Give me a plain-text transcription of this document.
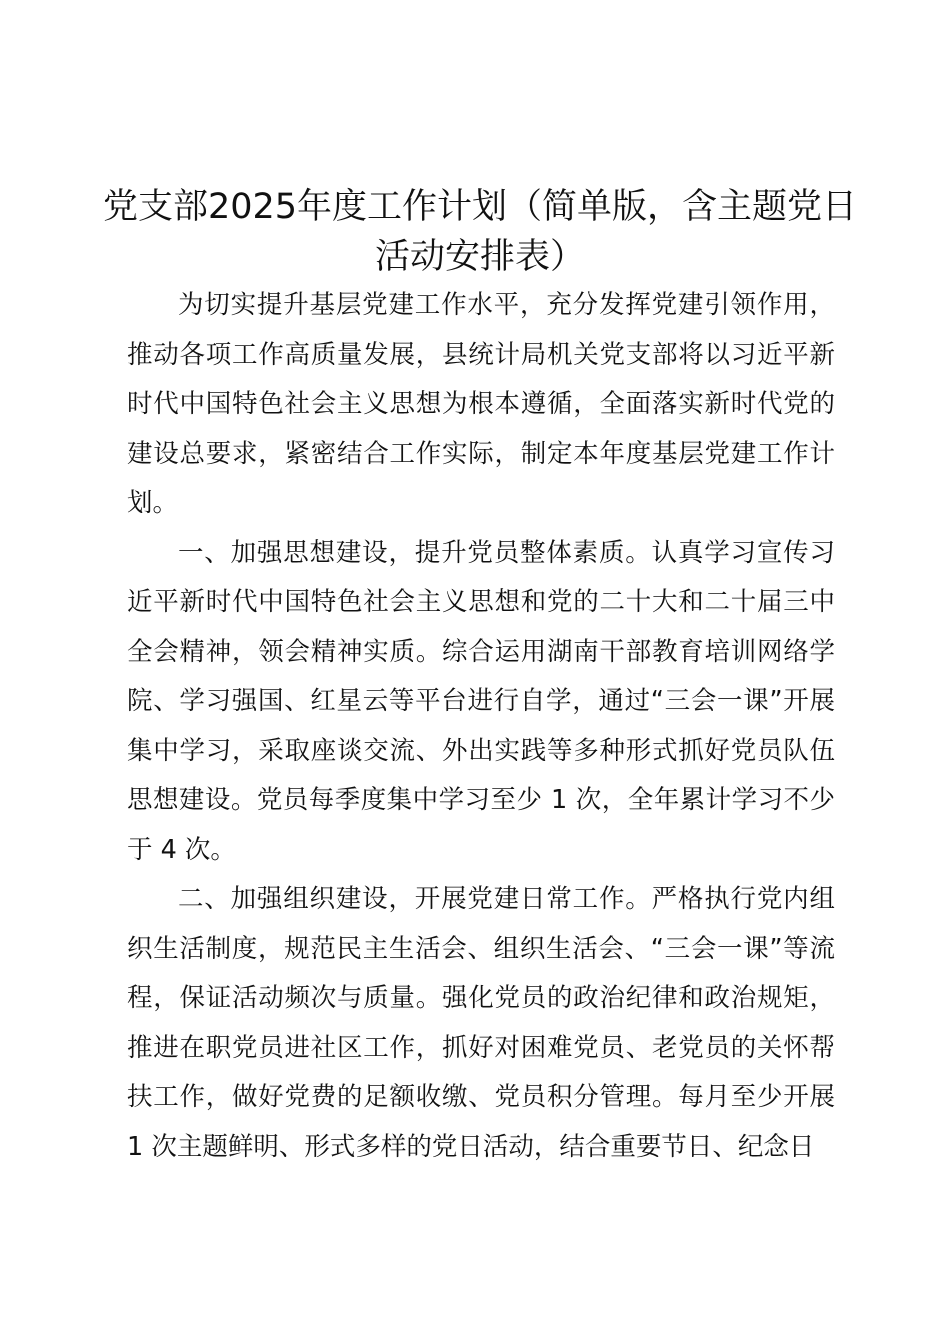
党支部2025年度工作计划（简单版，含主题党日活动安排表）

为切实提升基层党建工作水平，充分发挥党建引领作用，推动各项工作高质量发展，县统计局机关党支部将以习近平新时代中国特色社会主义思想为根本遵循，全面落实新时代党的建设总要求，紧密结合工作实际，制定本年度基层党建工作计划。

一、加强思想建设，提升党员整体素质。认真学习宣传习近平新时代中国特色社会主义思想和党的二十大和二十届三中全会精神，领会精神实质。综合运用湖南干部教育培训网络学院、学习强国、红星云等平台进行自学，通过“三会一课”开展集中学习，采取座谈交流、外出实践等多种形式抓好党员队伍思想建设。党员每季度集中学习至少 1 次，全年累计学习不少于 4 次。

二、加强组织建设，开展党建日常工作。严格执行党内组织生活制度，规范民主生活会、组织生活会、“三会一课”等流程，保证活动频次与质量。强化党员的政治纪律和政治规矩，推进在职党员进社区工作，抓好对困难党员、老党员的关怀帮扶工作，做好党费的足额收缴、党员积分管理。每月至少开展 1 次主题鲜明、形式多样的党日活动，结合重要节日、纪念日
